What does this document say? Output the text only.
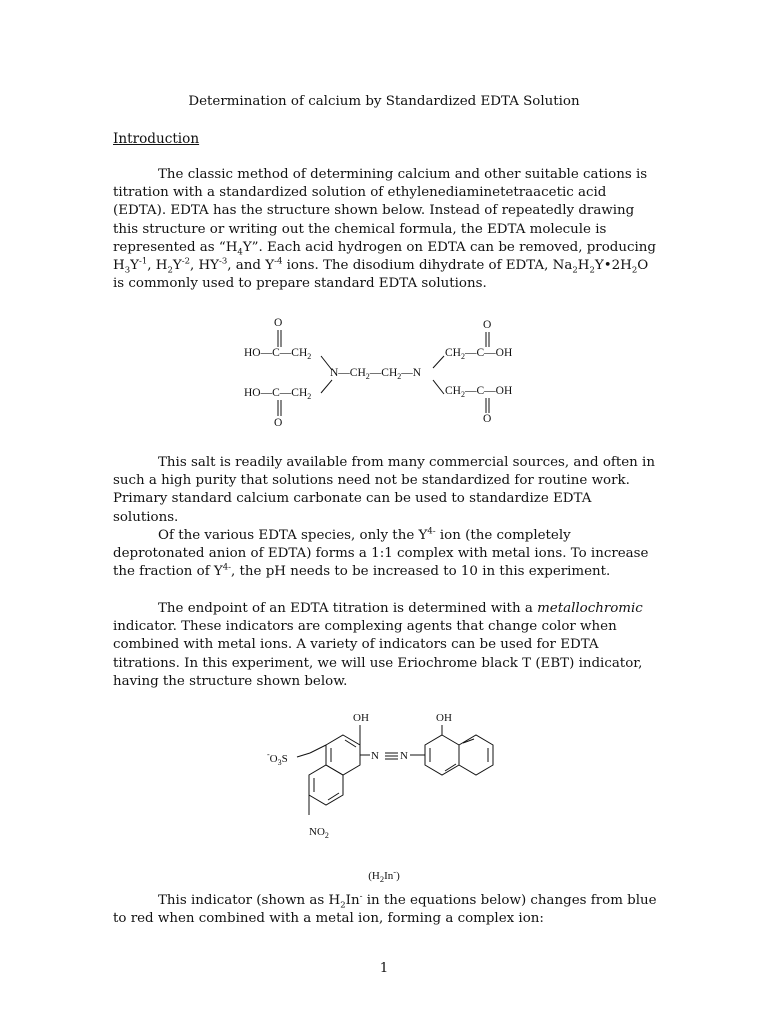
Determination of calcium by Standardized EDTA Solution
Introduction

The classic method of determining calcium and other suitable cations is titration with a standardized solution of ethylenediaminetetraacetic acid (EDTA). EDTA has the structure shown below. Instead of repeatedly drawing this structure or writing out the chemical formula, the EDTA molecule is represented as “$H_4Y$”. Each acid hydrogen on EDTA can be removed, producing $H_3Y^{-1}$, $H_2Y^{-2}$, $HY^{-3}$, and $Y^{-4}$ ions. The disodium dihydrate of EDTA, $Na_2H_2Y•2H_2O$ is commonly used to prepare standard EDTA solutions.

O
$HO—C—CH_2$
$N—CH_2—CH_2—N$
$CH_2—C—OH$
$HO—C—CH_2$	$CH_2—C—OH$
O
O
O

This salt is readily available from many commercial sources, and often in such a high purity that solutions need not be standardized for routine work. Primary standard calcium carbonate can be used to standardize EDTA solutions.

Of the various EDTA species, only the $Y^{4-}$ ion (the completely deprotonated anion of EDTA) forms a 1:1 complex with metal ions. To increase the fraction of $Y^{4-}$, the pH needs to be increased to 10 in this experiment.

The endpoint of an EDTA titration is determined with a metallochromic indicator. These indicators are complexing agents that change color when combined with metal ions. A variety of indicators can be used for EDTA titrations. In this experiment, we will use Eriochrome black T (EBT) indicator, having the structure shown below.

OH	OH
$^-O_3S$	N N
$NO_2$
$(H_2In^-)$

This indicator (shown as $H_2In^-$ in the equations below) changes from blue to red when combined with a metal ion, forming a complex ion:

1
